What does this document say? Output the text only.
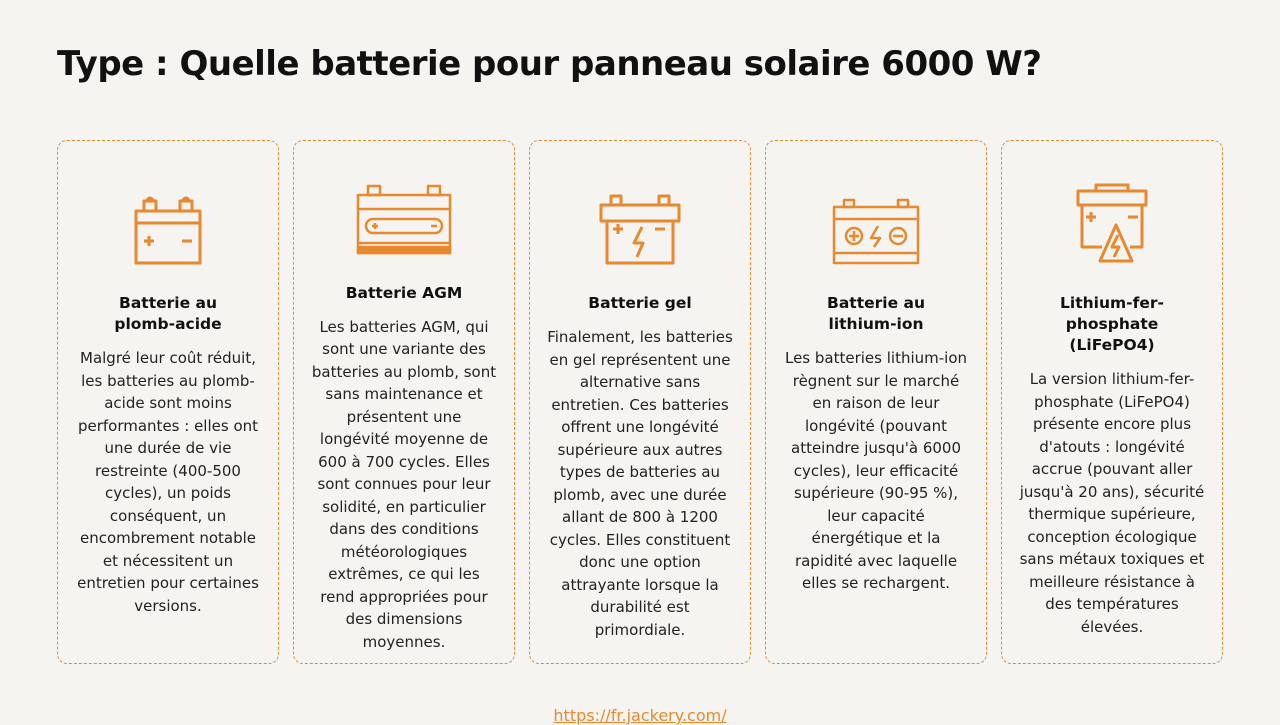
Type : Quelle batterie pour panneau solaire 6000 W?
Batterie au plomb-acide
Malgré leur coût réduit, les batteries au plomb-acide sont moins performantes : elles ont une durée de vie restreinte (400-500 cycles), un poids conséquent, un encombrement notable et nécessitent un entretien pour certaines versions.
Batterie AGM
Les batteries AGM, qui sont une variante des batteries au plomb, sont sans maintenance et présentent une longévité moyenne de 600 à 700 cycles. Elles sont connues pour leur solidité, en particulier dans des conditions météorologiques extrêmes, ce qui les rend appropriées pour des dimensions moyennes.
Batterie gel
Finalement, les batteries en gel représentent une alternative sans entretien. Ces batteries offrent une longévité supérieure aux autres types de batteries au plomb, avec une durée allant de 800 à 1200 cycles. Elles constituent donc une option attrayante lorsque la durabilité est primordiale.
Batterie au lithium-ion
Les batteries lithium-ion règnent sur le marché en raison de leur longévité (pouvant atteindre jusqu'à 6000 cycles), leur efficacité supérieure (90-95 %), leur capacité énergétique et la rapidité avec laquelle elles se rechargent.
Lithium-fer-phosphate (LiFePO4)
La version lithium-fer-phosphate (LiFePO4) présente encore plus d'atouts : longévité accrue (pouvant aller jusqu'à 20 ans), sécurité thermique supérieure, conception écologique sans métaux toxiques et meilleure résistance à des températures élevées.
https://fr.jackery.com/
